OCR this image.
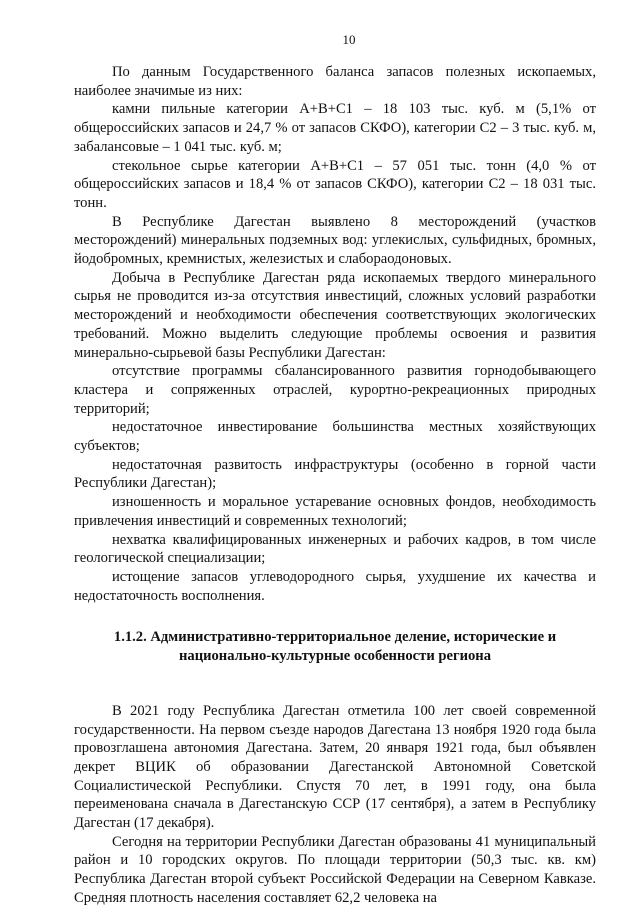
10

По данным Государственного баланса запасов полезных ископаемых, наиболее значимые из них:

камни пильные категории А+В+С1 – 18 103 тыс. куб. м (5,1% от общероссийских запасов и 24,7 % от запасов СКФО), категории С2 – 3 тыс. куб. м, забалансовые – 1 041 тыс. куб. м;

стекольное сырье категории А+В+С1 – 57 051 тыс. тонн (4,0 % от общероссийских запасов и 18,4 % от запасов СКФО), категории С2 – 18 031 тыс. тонн.

В Республике Дагестан выявлено 8 месторождений (участков месторождений) минеральных подземных вод: углекислых, сульфидных, бромных, йодобромных, кремнистых, железистых и слабораодоновых.

Добыча в Республике Дагестан ряда ископаемых твердого минерального сырья не проводится из-за отсутствия инвестиций, сложных условий разработки месторождений и необходимости обеспечения соответствующих экологических требований. Можно выделить следующие проблемы освоения и развития минерально-сырьевой базы Республики Дагестан:

отсутствие программы сбалансированного развития горнодобывающего кластера и сопряженных отраслей, курортно-рекреационных природных территорий;

недостаточное инвестирование большинства местных хозяйствующих субъектов;

недостаточная развитость инфраструктуры (особенно в горной части Республики Дагестан);

изношенность и моральное устаревание основных фондов, необходимость привлечения инвестиций и современных технологий;

нехватка квалифицированных инженерных и рабочих кадров, в том числе геологической специализации;

истощение запасов углеводородного сырья, ухудшение их качества и недостаточность восполнения.

1.1.2. Административно-территориальное деление, исторические и
национально-культурные особенности региона

В 2021 году Республика Дагестан отметила 100 лет своей современной государственности. На первом съезде народов Дагестана 13 ноября 1920 года была провозглашена автономия Дагестана. Затем, 20 января 1921 года, был объявлен декрет ВЦИК об образовании Дагестанской Автономной Советской Социалистической Республики. Спустя 70 лет, в 1991 году, она была переименована сначала в Дагестанскую ССР (17 сентября), а затем в Республику Дагестан (17 декабря).

Сегодня на территории Республики Дагестан образованы 41 муниципальный район и 10 городских округов. По площади территории (50,3 тыс. кв. км) Республика Дагестан второй субъект Российской Федерации на Северном Кавказе. Средняя плотность населения составляет 62,2 человека на
